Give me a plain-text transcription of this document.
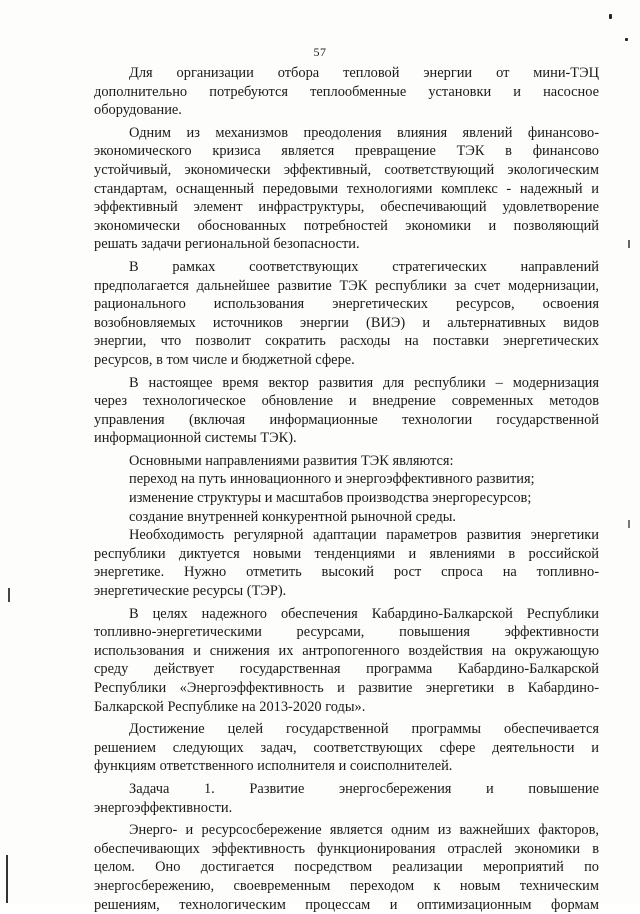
57
Для организации отбора тепловой энергии от мини-ТЭЦ
дополнительно потребуются теплообменные установки и насосное
оборудование.
Одним из механизмов преодоления влияния явлений финансово-
экономического кризиса является превращение ТЭК в финансово
устойчивый, экономически эффективный, соответствующий экологическим
стандартам, оснащенный передовыми технологиями комплекс - надежный и
эффективный элемент инфраструктуры, обеспечивающий удовлетворение
экономически обоснованных потребностей экономики и позволяющий
решать задачи региональной безопасности.
В рамках соответствующих стратегических направлений
предполагается дальнейшее развитие ТЭК республики за счет модернизации,
рационального использования энергетических ресурсов, освоения
возобновляемых источников энергии (ВИЭ) и альтернативных видов
энергии, что позволит сократить расходы на поставки энергетических
ресурсов, в том числе и бюджетной сфере.
В настоящее время вектор развития для республики – модернизация
через технологическое обновление и внедрение современных методов
управления (включая информационные технологии государственной
информационной системы ТЭК).
Основными направлениями развития ТЭК являются:
переход на путь инновационного и энергоэффективного развития;
изменение структуры и масштабов производства энергоресурсов;
создание внутренней конкурентной рыночной среды.
Необходимость регулярной адаптации параметров развития энергетики
республики диктуется новыми тенденциями и явлениями в российской
энергетике. Нужно отметить высокий рост спроса на топливно-
энергетические ресурсы (ТЭР).
В целях надежного обеспечения Кабардино-Балкарской Республики
топливно-энергетическими ресурсами, повышения эффективности
использования и снижения их антропогенного воздействия на окружающую
среду действует государственная программа Кабардино-Балкарской
Республики «Энергоэффективность и развитие энергетики в Кабардино-
Балкарской Республике на 2013-2020 годы».
Достижение целей государственной программы обеспечивается
решением следующих задач, соответствующих сфере деятельности и
функциям ответственного исполнителя и соисполнителей.
Задача 1. Развитие энергосбережения и повышение
энергоэффективности.
Энерго- и ресурсосбережение является одним из важнейших факторов,
обеспечивающих эффективность функционирования отраслей экономики в
целом. Оно достигается посредством реализации мероприятий по
энергосбережению, своевременным переходом к новым техническим
решениям, технологическим процессам и оптимизационным формам
